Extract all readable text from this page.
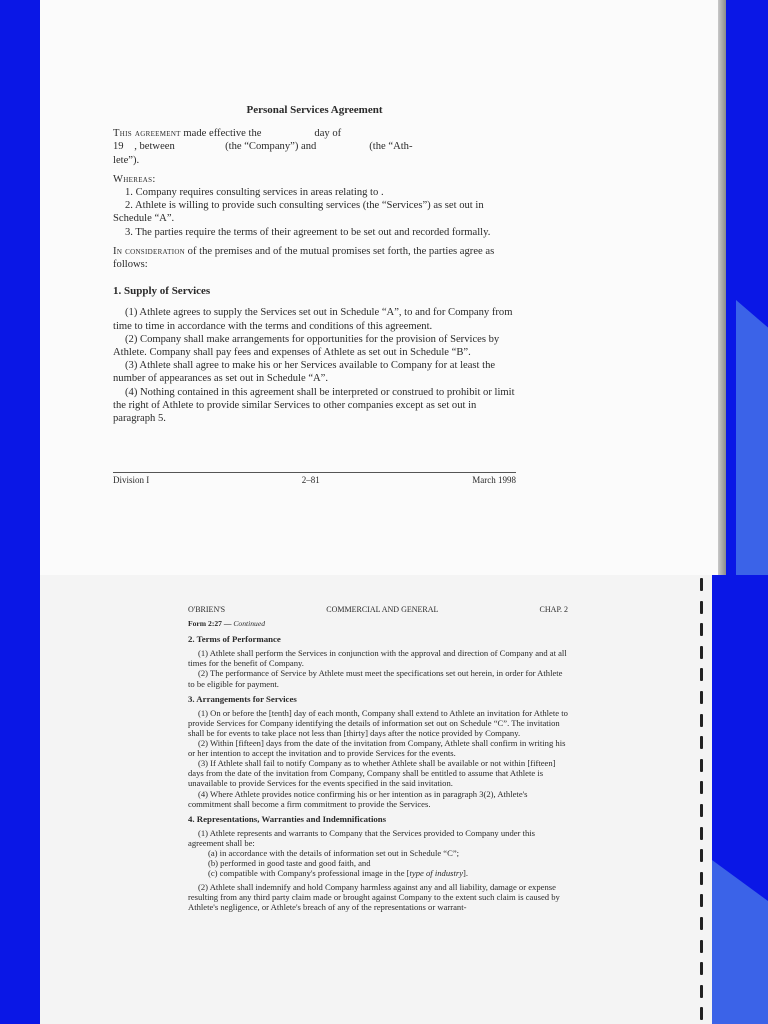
Personal Services Agreement

This agreement made effective the                    day of

19    , between                   (the “Company”) and                    (the “Ath-

lete”).

Whereas:

1. Company requires consulting services in areas relating to .

2. Athlete is willing to provide such consulting services (the “Services”) as set out in Schedule “A”.

3. The parties require the terms of their agreement to be set out and recorded formally.

In consideration of the premises and of the mutual promises set forth, the parties agree as follows:

1. Supply of Services

(1) Athlete agrees to supply the Services set out in Schedule “A”, to and for Company from time to time in accordance with the terms and conditions of this agreement.

(2) Company shall make arrangements for opportunities for the provision of Services by Athlete. Company shall pay fees and expenses of Athlete as set out in Schedule “B”.

(3) Athlete shall agree to make his or her Services available to Company for at least the number of appearances as set out in Schedule “A”.

(4) Nothing contained in this agreement shall be interpreted or construed to prohibit or limit the right of Athlete to provide similar Services to other companies except as set out in paragraph 5.

Division I	2–81	March 1998

O'BRIEN'S	COMMERCIAL AND GENERAL	CHAP. 2

Form 2:27 — Continued

2. Terms of Performance

(1) Athlete shall perform the Services in conjunction with the approval and direction of Company and at all times for the benefit of Company.

(2) The performance of Service by Athlete must meet the specifications set out herein, in order for Athlete to be eligible for payment.

3. Arrangements for Services

(1) On or before the [tenth] day of each month, Company shall extend to Athlete an invitation for Athlete to provide Services for Company identifying the details of information set out on Schedule “C”. The invitation shall be for events to take place not less than [thirty] days after the notice provided by Company.

(2) Within [fifteen] days from the date of the invitation from Company, Athlete shall confirm in writing his or her intention to accept the invitation and to provide Services for the events.

(3) If Athlete shall fail to notify Company as to whether Athlete shall be available or not within [fifteen] days from the date of the invitation from Company, Company shall be entitled to assume that Athlete is unavailable to provide Services for the events specified in the said invitation.

(4) Where Athlete provides notice confirming his or her intention as in paragraph 3(2), Athlete's commitment shall become a firm commitment to provide the Services.

4. Representations, Warranties and Indemnifications

(1) Athlete represents and warrants to Company that the Services provided to Company under this agreement shall be:

(a) in accordance with the details of information set out in Schedule “C”;

(b) performed in good taste and good faith, and

(c) compatible with Company's professional image in the [type of industry].

(2) Athlete shall indemnify and hold Company harmless against any and all liability, damage or expense resulting from any third party claim made or brought against Company to the extent such claim is caused by Athlete's negligence, or Athlete's breach of any of the representations or warrant-
